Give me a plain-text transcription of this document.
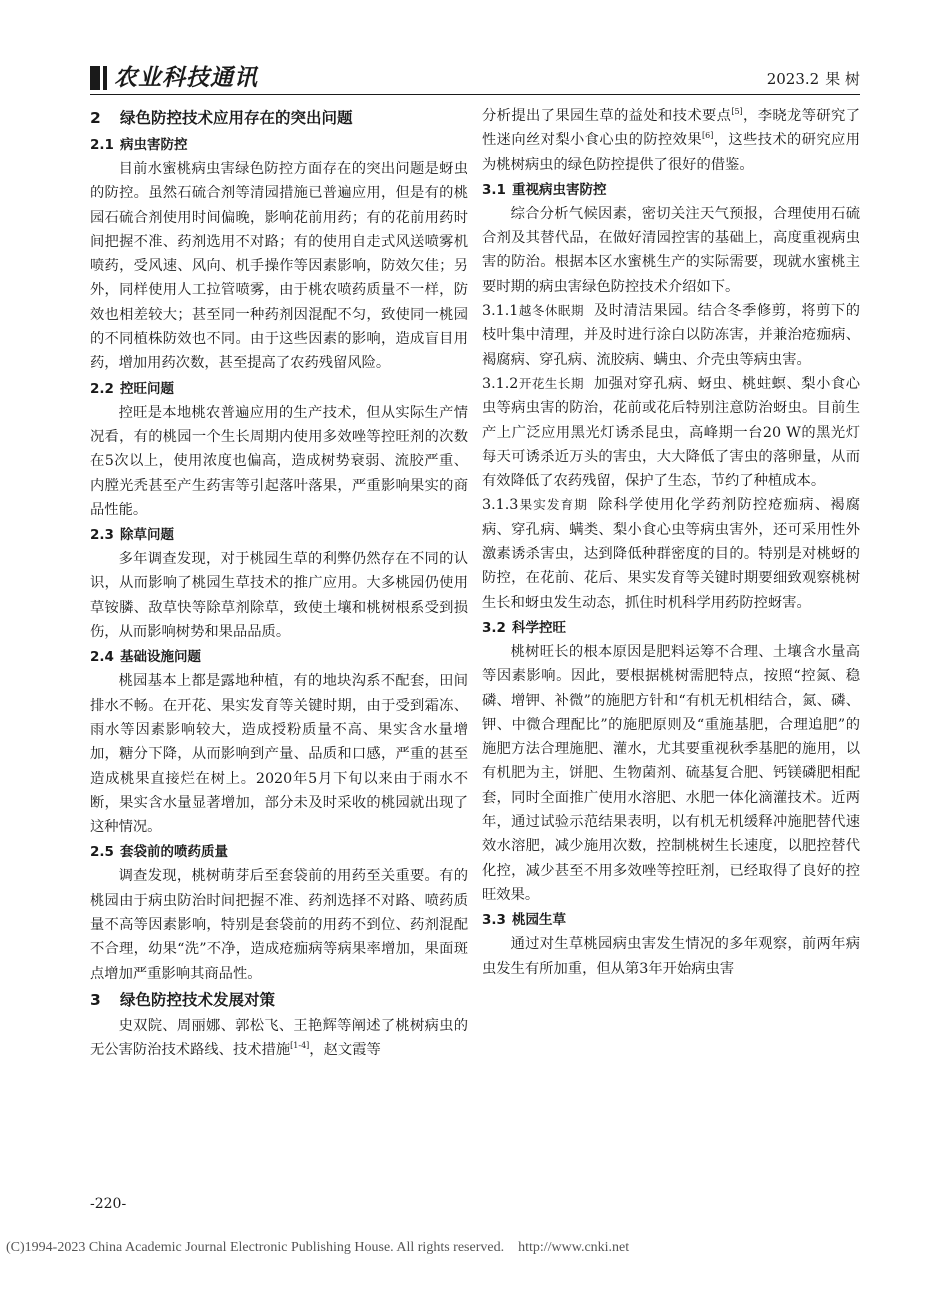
农业科技通讯	2023.2 果 树
2 绿色防控技术应用存在的突出问题
2.1 病虫害防控

目前水蜜桃病虫害绿色防控方面存在的突出问题是蚜虫的防控。虽然石硫合剂等清园措施已普遍应用，但是有的桃园石硫合剂使用时间偏晚，影响花前用药；有的花前用药时间把握不准、药剂选用不对路；有的使用自走式风送喷雾机喷药，受风速、风向、机手操作等因素影响，防效欠佳；另外，同样使用人工拉管喷雾，由于桃农喷药质量不一样，防效也相差较大；甚至同一种药剂因混配不匀，致使同一桃园的不同植株防效也不同。由于这些因素的影响，造成盲目用药，增加用药次数，甚至提高了农药残留风险。

2.2 控旺问题

控旺是本地桃农普遍应用的生产技术，但从实际生产情况看，有的桃园一个生长周期内使用多效唑等控旺剂的次数在5次以上，使用浓度也偏高，造成树势衰弱、流胶严重、内膛光秃甚至产生药害等引起落叶落果，严重影响果实的商品性能。

2.3 除草问题

多年调查发现，对于桃园生草的利弊仍然存在不同的认识，从而影响了桃园生草技术的推广应用。大多桃园仍使用草铵膦、敌草快等除草剂除草，致使土壤和桃树根系受到损伤，从而影响树势和果品品质。

2.4 基础设施问题

桃园基本上都是露地种植，有的地块沟系不配套，田间排水不畅。在开花、果实发育等关键时期，由于受到霜冻、雨水等因素影响较大，造成授粉质量不高、果实含水量增加，糖分下降，从而影响到产量、品质和口感，严重的甚至造成桃果直接烂在树上。2020年5月下旬以来由于雨水不断，果实含水量显著增加，部分未及时采收的桃园就出现了这种情况。

2.5 套袋前的喷药质量

调查发现，桃树萌芽后至套袋前的用药至关重要。有的桃园由于病虫防治时间把握不准、药剂选择不对路、喷药质量不高等因素影响，特别是套袋前的用药不到位、药剂混配不合理，幼果“洗”不净，造成疮痂病等病果率增加，果面斑点增加严重影响其商品性。

3 绿色防控技术发展对策

史双院、周丽娜、郭松飞、王艳辉等阐述了桃树病虫的无公害防治技术路线、技术措施[1-4]，赵文霞等

分析提出了果园生草的益处和技术要点[5]，李晓龙等研究了性迷向丝对梨小食心虫的防控效果[6]，这些技术的研究应用为桃树病虫的绿色防控提供了很好的借鉴。

3.1 重视病虫害防控

综合分析气候因素，密切关注天气预报，合理使用石硫合剂及其替代品，在做好清园控害的基础上，高度重视病虫害的防治。根据本区水蜜桃生产的实际需要，现就水蜜桃主要时期的病虫害绿色防控技术介绍如下。

3.1.1越冬休眠期 及时清洁果园。结合冬季修剪，将剪下的枝叶集中清理，并及时进行涂白以防冻害，并兼治疮痂病、褐腐病、穿孔病、流胶病、螨虫、介壳虫等病虫害。

3.1.2开花生长期 加强对穿孔病、蚜虫、桃蛀螟、梨小食心虫等病虫害的防治，花前或花后特别注意防治蚜虫。目前生产上广泛应用黑光灯诱杀昆虫，高峰期一台20 W的黑光灯每天可诱杀近万头的害虫，大大降低了害虫的落卵量，从而有效降低了农药残留，保护了生态，节约了种植成本。

3.1.3果实发育期 除科学使用化学药剂防控疮痂病、褐腐病、穿孔病、螨类、梨小食心虫等病虫害外，还可采用性外激素诱杀害虫，达到降低种群密度的目的。特别是对桃蚜的防控，在花前、花后、果实发育等关键时期要细致观察桃树生长和蚜虫发生动态，抓住时机科学用药防控蚜害。

3.2 科学控旺

桃树旺长的根本原因是肥料运筹不合理、土壤含水量高等因素影响。因此，要根据桃树需肥特点，按照“控氮、稳磷、增钾、补微”的施肥方针和“有机无机相结合，氮、磷、钾、中微合理配比”的施肥原则及“重施基肥，合理追肥”的施肥方法合理施肥、灌水，尤其要重视秋季基肥的施用，以有机肥为主，饼肥、生物菌剂、硫基复合肥、钙镁磷肥相配套，同时全面推广使用水溶肥、水肥一体化滴灌技术。近两年，通过试验示范结果表明，以有机无机缓释冲施肥替代速效水溶肥，减少施用次数，控制桃树生长速度，以肥控替代化控，减少甚至不用多效唑等控旺剂，已经取得了良好的控旺效果。

3.3 桃园生草

通过对生草桃园病虫害发生情况的多年观察，前两年病虫发生有所加重，但从第3年开始病虫害

-220-
(C)1994-2023 China Academic Journal Electronic Publishing House. All rights reserved. http://www.cnki.net
